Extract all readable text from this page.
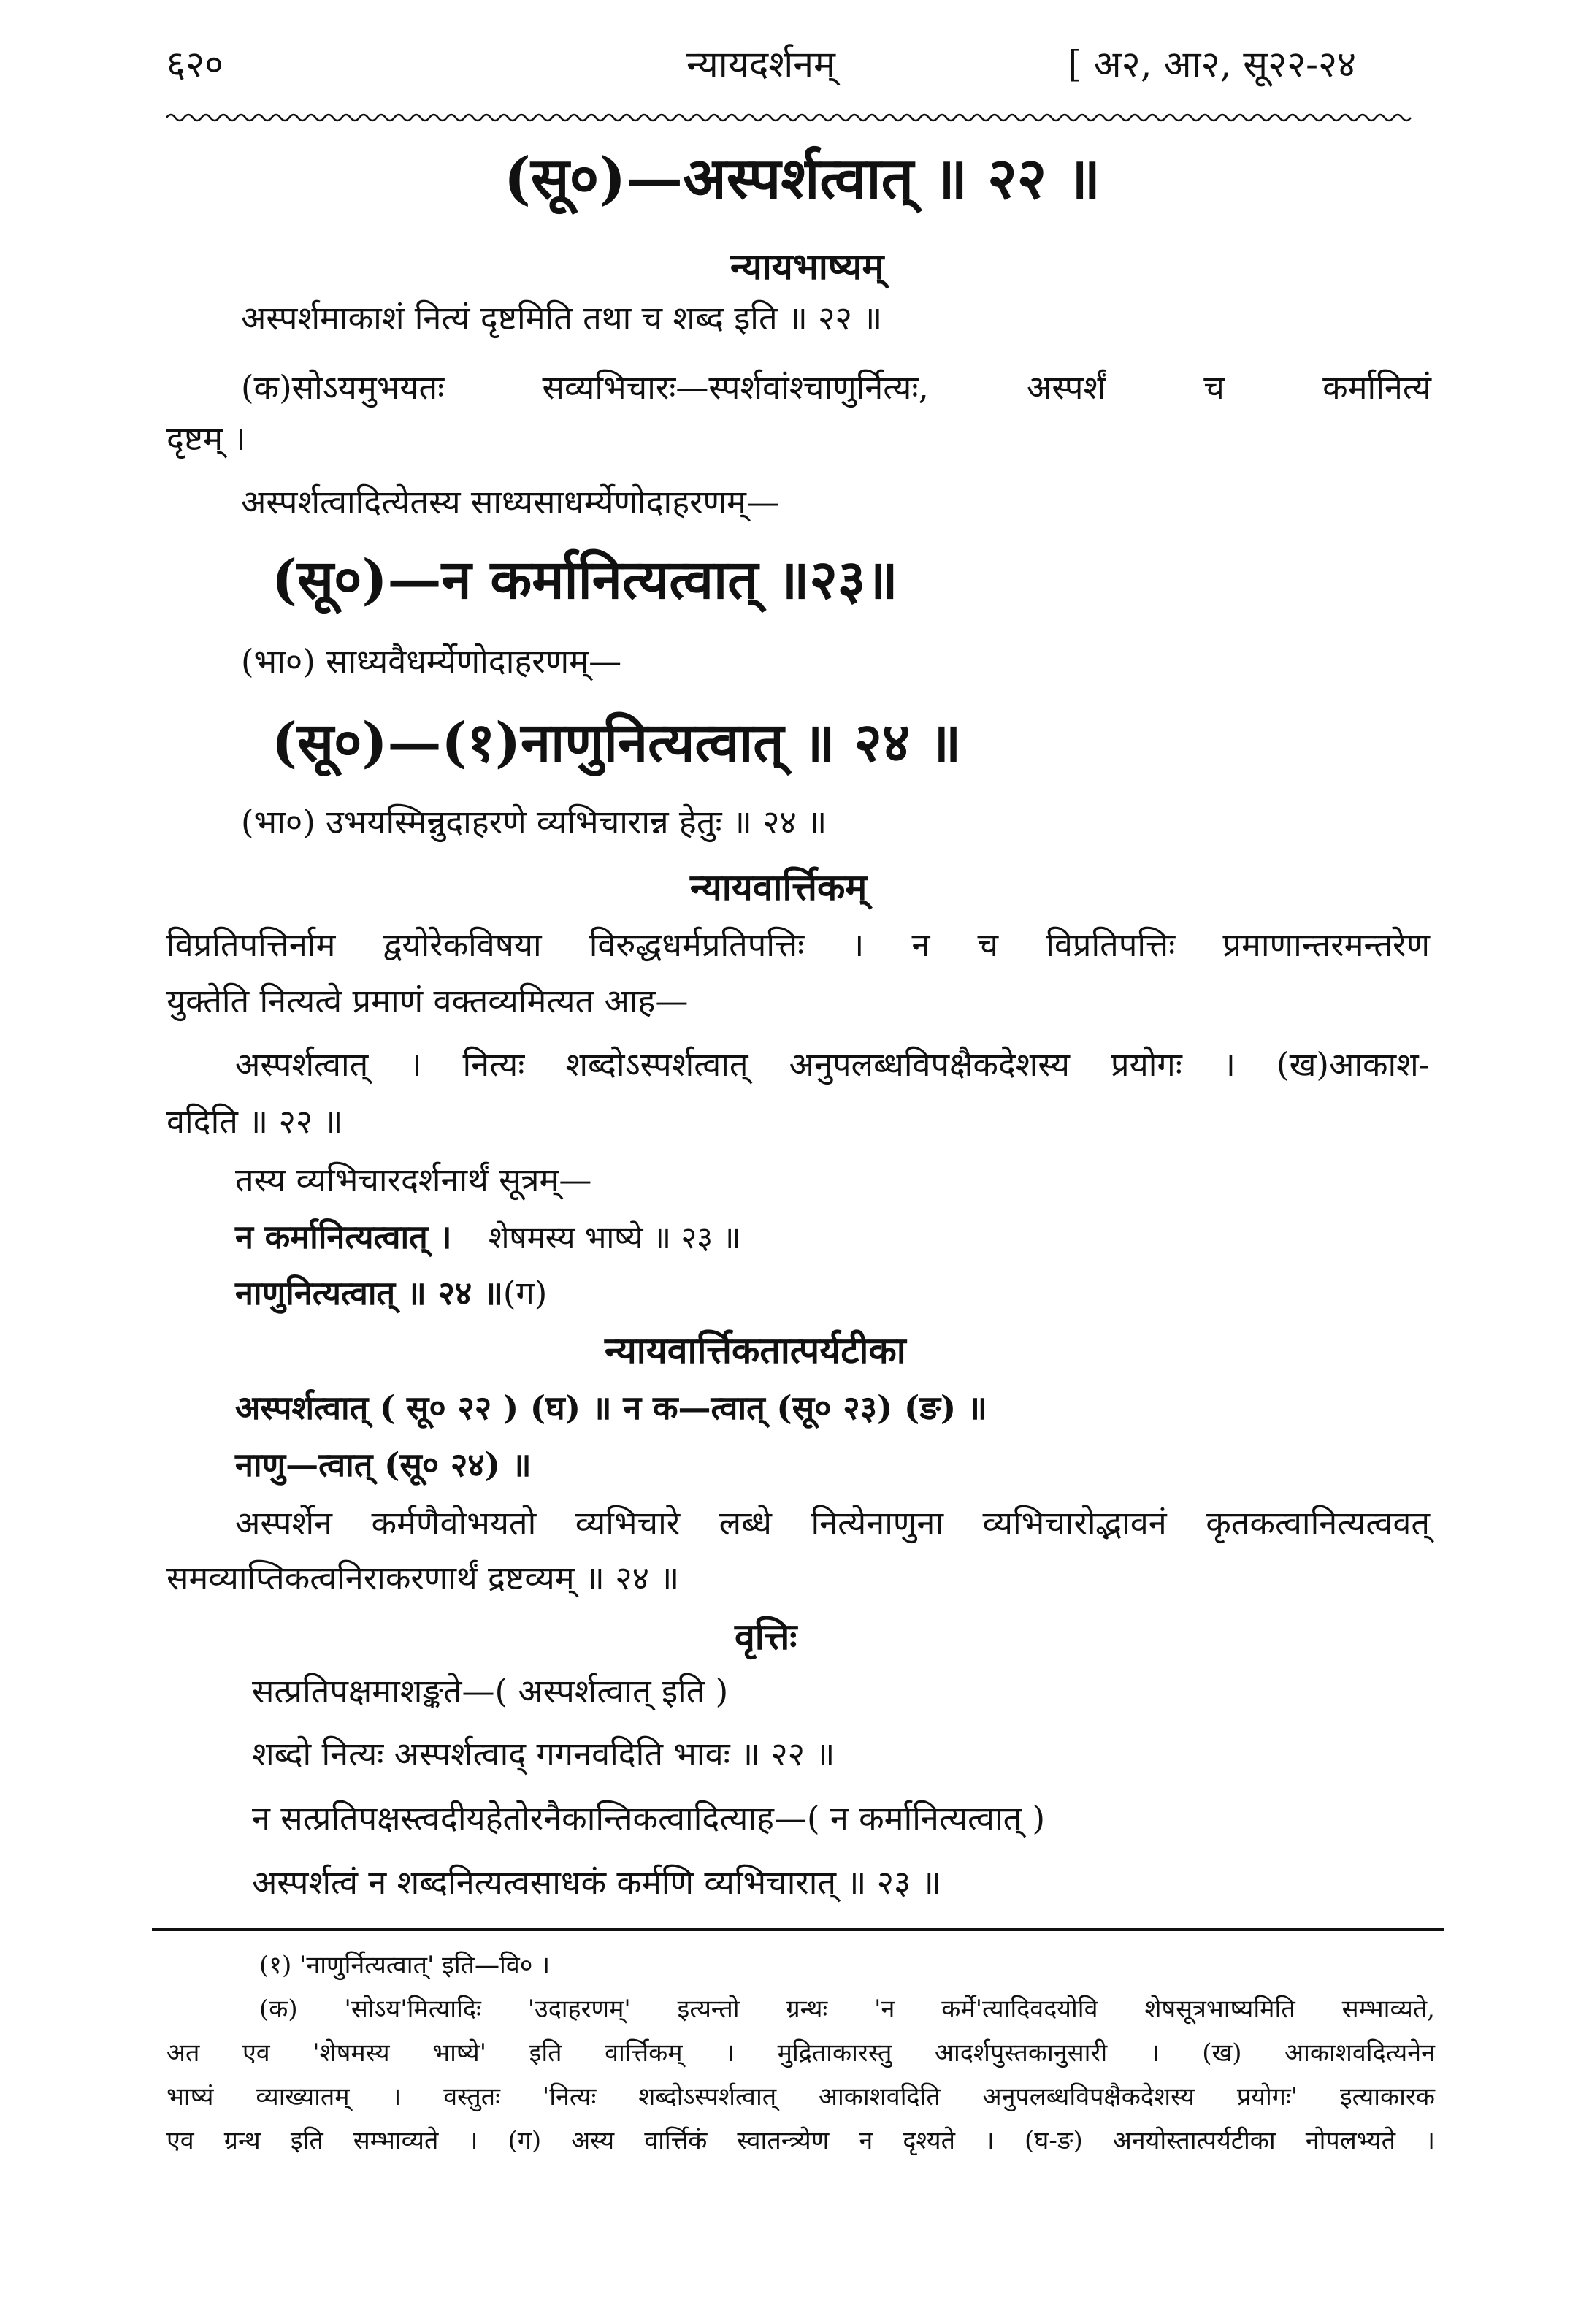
६२०	न्यायदर्शनम्	[ अ२, आ२, सू२२-२४
(सू०)—अस्पर्शत्वात् ॥ २२ ॥
न्यायभाष्यम्
अस्पर्शमाकाशं नित्यं दृष्टमिति तथा च शब्द इति ॥ २२ ॥
(क)सोऽयमुभयतः सव्यभिचारः—स्पर्शवांश्चाणुर्नित्यः, अस्पर्शं च कर्मानित्यं
दृष्टम् ।
अस्पर्शत्वादित्येतस्य साध्यसाधर्म्येणोदाहरणम्—
(सू०)—न कर्मानित्यत्वात् ॥२३॥
(भा०) साध्यवैधर्म्येणोदाहरणम्—
(सू०)—(१)नाणुनित्यत्वात् ॥ २४ ॥
(भा०) उभयस्मिन्नुदाहरणे व्यभिचारान्न हेतुः ॥ २४ ॥
न्यायवार्त्तिकम्
विप्रतिपत्तिर्नाम द्वयोरेकविषया विरुद्धधर्मप्रतिपत्तिः । न च विप्रतिपत्तिः प्रमाणान्तरमन्तरेण
युक्तेति नित्यत्वे प्रमाणं वक्तव्यमित्यत आह—
अस्पर्शत्वात् । नित्यः शब्दोऽस्पर्शत्वात् अनुपलब्धविपक्षैकदेशस्य प्रयोगः । (ख)आकाश-
वदिति ॥ २२ ॥
तस्य व्यभिचारदर्शनार्थं सूत्रम्—
न कर्मानित्यत्वात् । शेषमस्य भाष्ये ॥ २३ ॥
नाणुनित्यत्वात् ॥ २४ ॥(ग)
न्यायवार्त्तिकतात्पर्यटीका
अस्पर्शत्वात् ( सू० २२ ) (घ) ॥ न क—त्वात् (सू० २३) (ङ) ॥
नाणु—त्वात् (सू० २४) ॥
अस्पर्शेन कर्मणैवोभयतो व्यभिचारे लब्धे नित्येनाणुना व्यभिचारोद्भावनं कृतकत्वानित्यत्ववत्
समव्याप्तिकत्वनिराकरणार्थं द्रष्टव्यम् ॥ २४ ॥
वृत्तिः
सत्प्रतिपक्षमाशङ्कते—( अस्पर्शत्वात् इति )
शब्दो नित्यः अस्पर्शत्वाद् गगनवदिति भावः ॥ २२ ॥
न सत्प्रतिपक्षस्त्वदीयहेतोरनैकान्तिकत्वादित्याह—( न कर्मानित्यत्वात् )
अस्पर्शत्वं न शब्दनित्यत्वसाधकं कर्मणि व्यभिचारात् ॥ २३ ॥
(१) 'नाणुर्नित्यत्वात्' इति—वि० ।
(क) 'सोऽय'मित्यादिः 'उदाहरणम्' इत्यन्तो ग्रन्थः 'न कर्मे'त्यादिवदयोवि शेषसूत्रभाष्यमिति सम्भाव्यते,
अत एव 'शेषमस्य भाष्ये' इति वार्त्तिकम् । मुद्रिताकारस्तु आदर्शपुस्तकानुसारी । (ख) आकाशवदित्यनेन
भाष्यं व्याख्यातम् । वस्तुतः 'नित्यः शब्दोऽस्पर्शत्वात् आकाशवदिति अनुपलब्धविपक्षैकदेशस्य प्रयोगः' इत्याकारक
एव ग्रन्थ इति सम्भाव्यते । (ग) अस्य वार्त्तिकं स्वातन्त्र्येण न दृश्यते । (घ-ङ) अनयोस्तात्पर्यटीका नोपलभ्यते ।
